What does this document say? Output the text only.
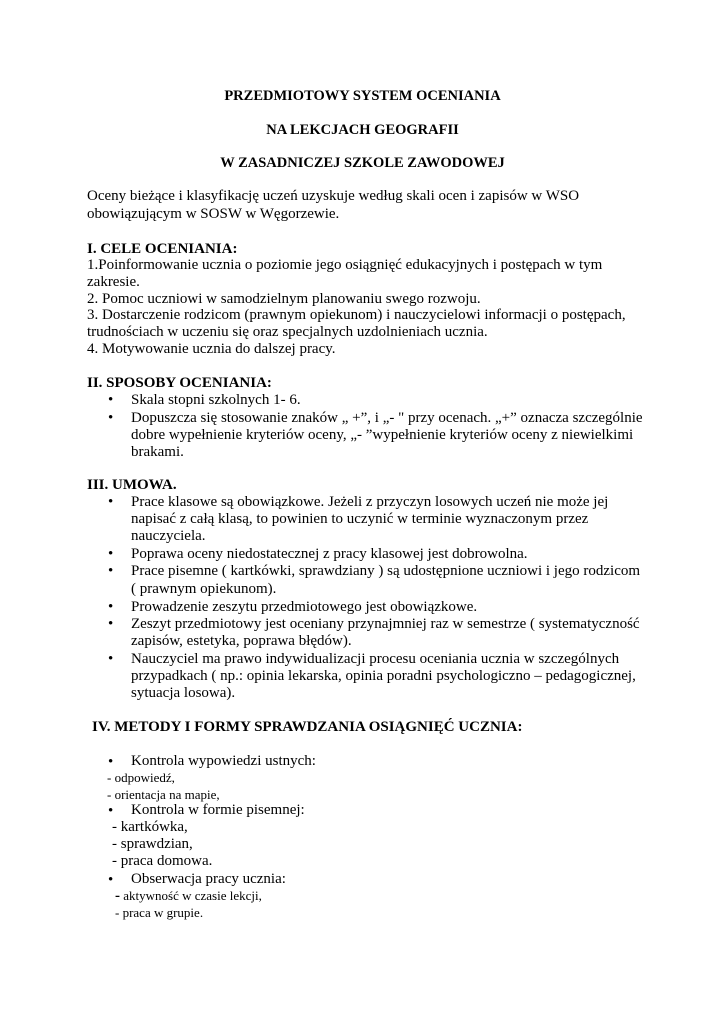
PRZEDMIOTOWY SYSTEM OCENIANIA
NA LEKCJACH GEOGRAFII
W ZASADNICZEJ SZKOLE ZAWODOWEJ
Oceny bieżące i klasyfikację uczeń uzyskuje według skali ocen i zapisów w WSO
obowiązującym w SOSW w Węgorzewie.
I. CELE OCENIANIA:
1.Poinformowanie ucznia o poziomie jego osiągnięć edukacyjnych i postępach w tym
zakresie.
2. Pomoc uczniowi w samodzielnym planowaniu swego rozwoju.
3. Dostarczenie rodzicom (prawnym opiekunom) i nauczycielowi informacji o postępach,
trudnościach w uczeniu się oraz specjalnych uzdolnieniach ucznia.
4. Motywowanie ucznia do dalszej pracy.
II. SPOSOBY OCENIANIA:
• Skala stopni szkolnych 1- 6.
• Dopuszcza się stosowanie znaków „ +”, i „- " przy ocenach. „+” oznacza szczególnie
dobre wypełnienie kryteriów oceny, „- ”wypełnienie kryteriów oceny z niewielkimi
brakami.
III. UMOWA.
• Prace klasowe są obowiązkowe. Jeżeli z przyczyn losowych uczeń nie może jej
napisać z całą klasą, to powinien to uczynić w terminie wyznaczonym przez
nauczyciela.
• Poprawa oceny niedostatecznej z pracy klasowej jest dobrowolna.
• Prace pisemne ( kartkówki, sprawdziany ) są udostępnione uczniowi i jego rodzicom
( prawnym opiekunom).
• Prowadzenie zeszytu przedmiotowego jest obowiązkowe.
• Zeszyt przedmiotowy jest oceniany przynajmniej raz w semestrze ( systematyczność
zapisów, estetyka, poprawa błędów).
• Nauczyciel ma prawo indywidualizacji procesu oceniania ucznia w szczególnych
przypadkach ( np.: opinia lekarska, opinia poradni psychologiczno – pedagogicznej,
sytuacja losowa).
IV. METODY I FORMY SPRAWDZANIA OSIĄGNIĘĆ UCZNIA:
• Kontrola wypowiedzi ustnych:
- odpowiedź,
- orientacja na mapie,
• Kontrola w formie pisemnej:
- kartkówka,
- sprawdzian,
- praca domowa.
• Obserwacja pracy ucznia:
- aktywność w czasie lekcji,
- praca w grupie.
